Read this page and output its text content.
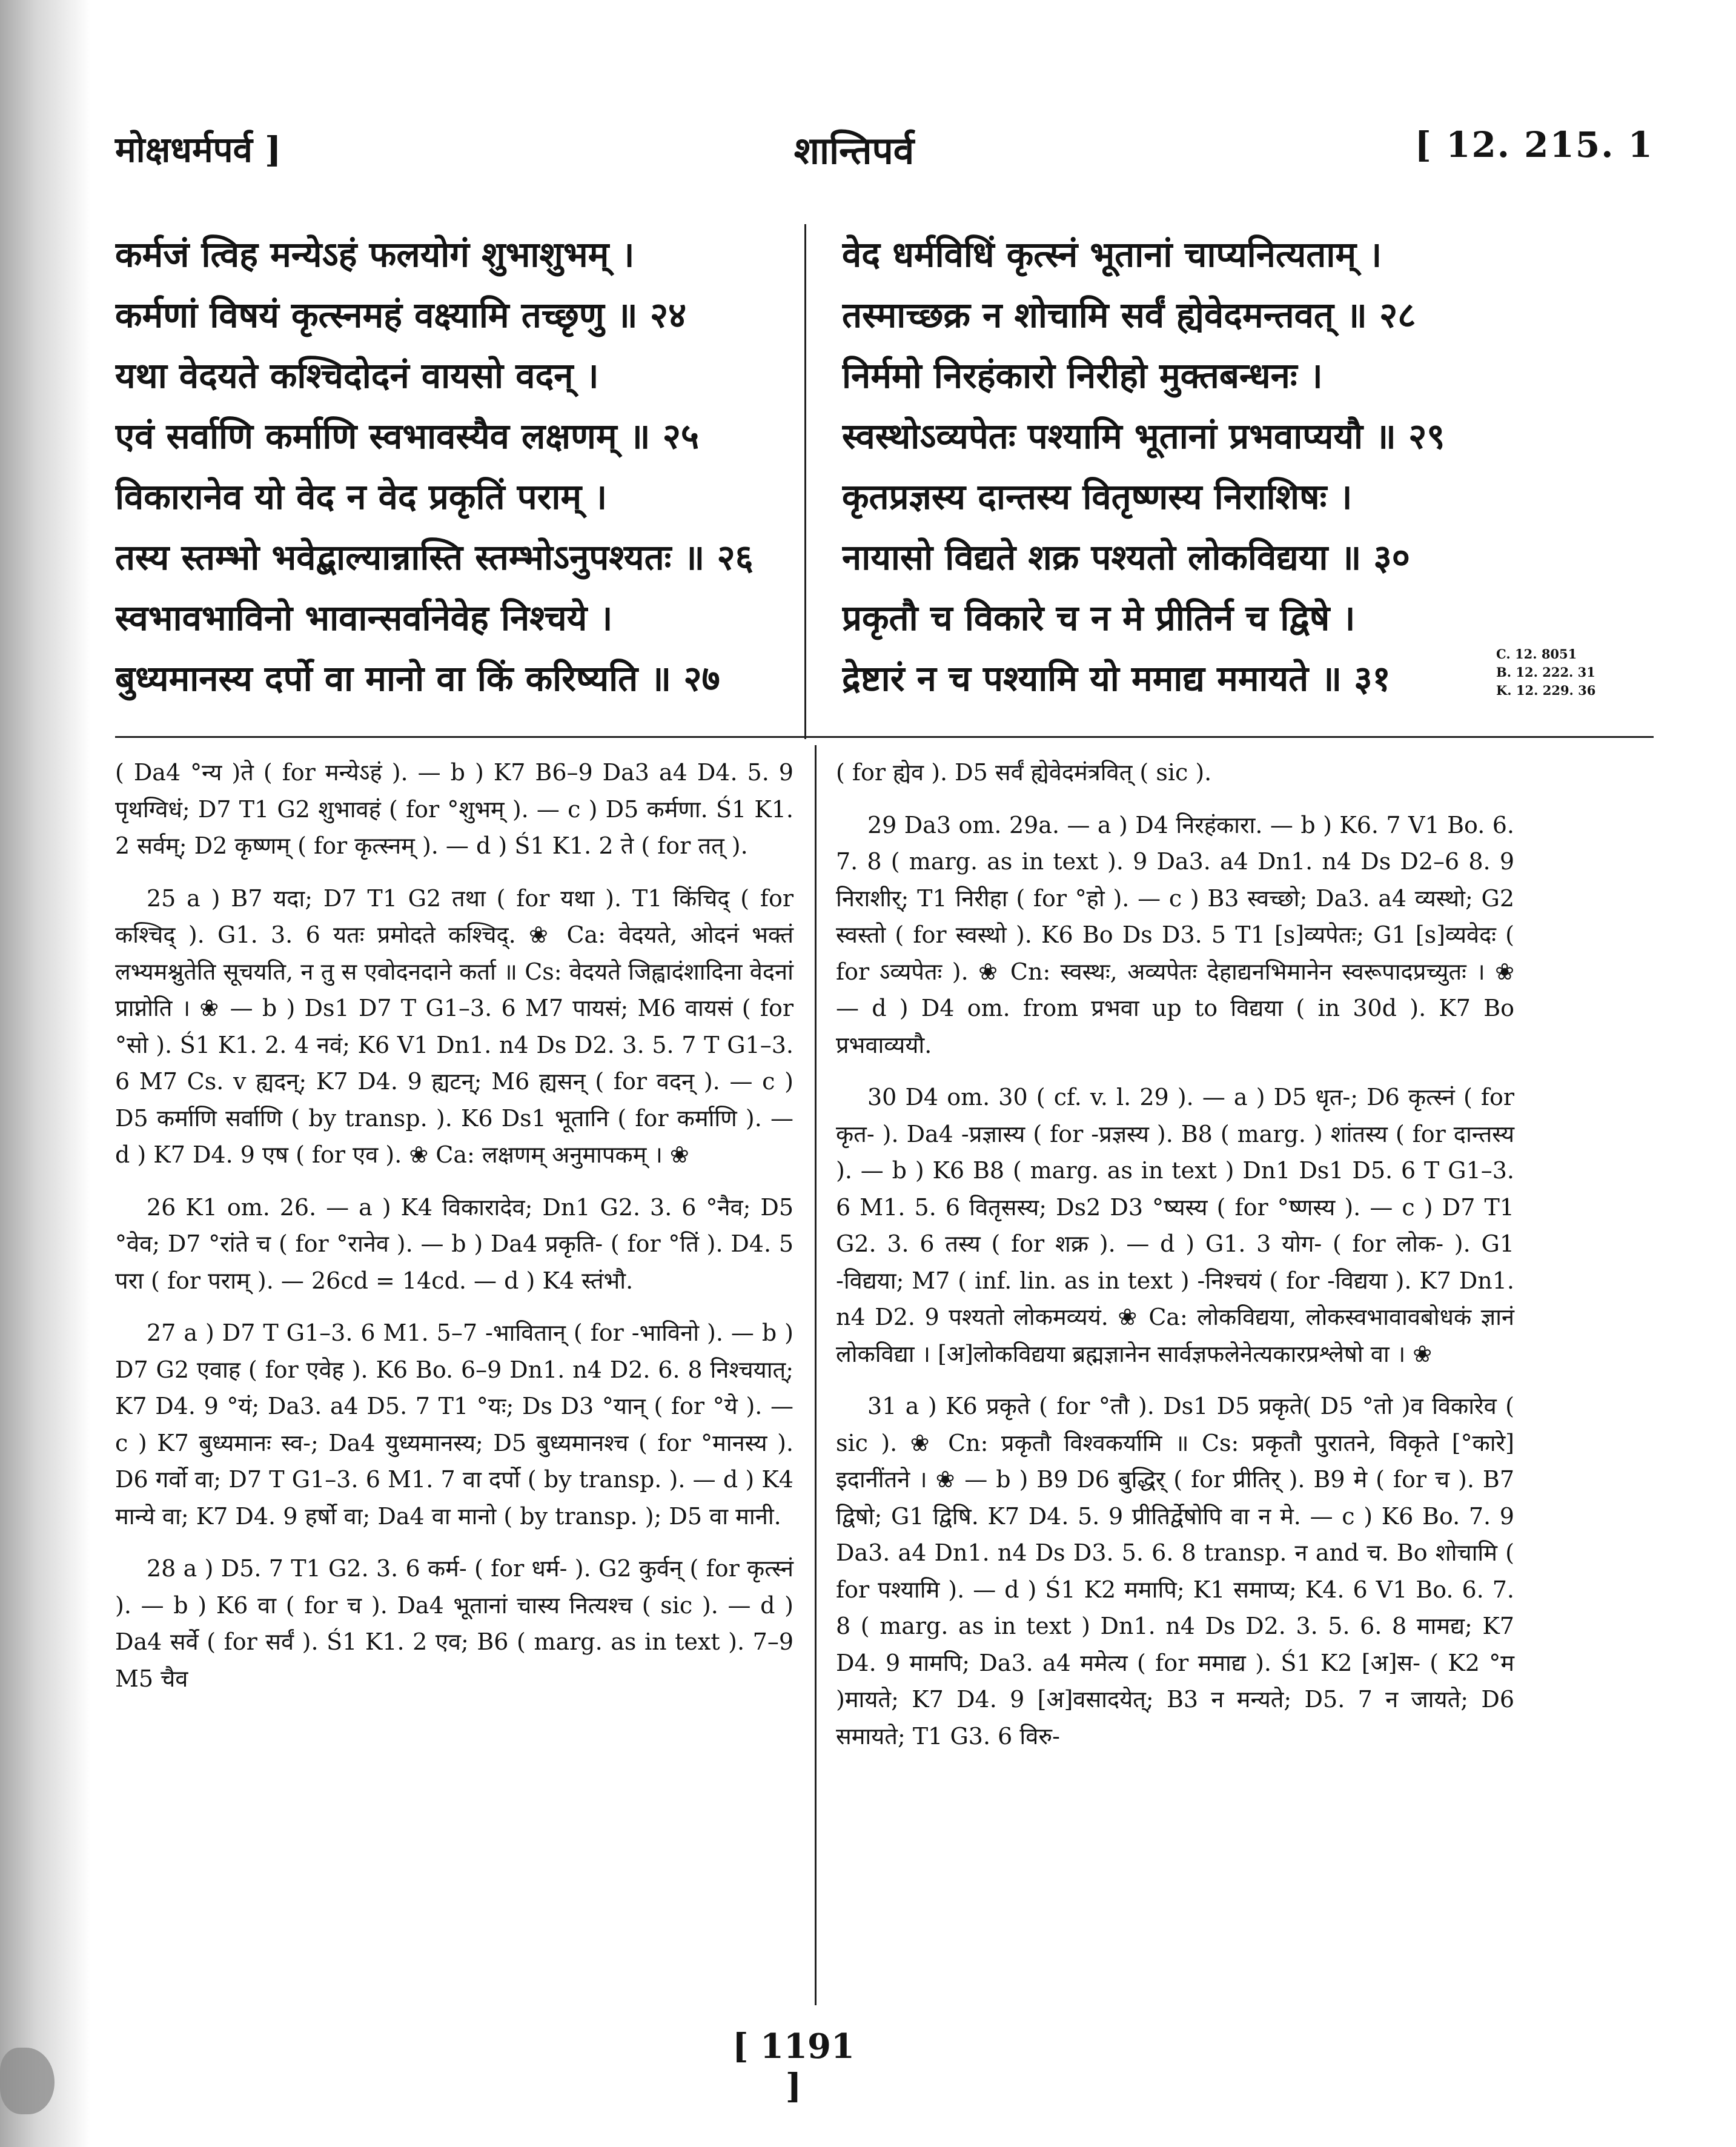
मोक्षधर्मपर्व ]	शान्तिपर्व	[ 12. 215. 1
कर्मजं त्विह मन्येऽहं फलयोगं शुभाशुभम् ।
कर्मणां विषयं कृत्स्नमहं वक्ष्यामि तच्छृणु ॥ २४
यथा वेदयते कश्चिदोदनं वायसो वदन् ।
एवं सर्वाणि कर्माणि स्वभावस्यैव लक्षणम् ॥ २५
विकारानेव यो वेद न वेद प्रकृतिं पराम् ।
तस्य स्तम्भो भवेद्बाल्यान्नास्ति स्तम्भोऽनुपश्यतः ॥ २६
स्वभावभाविनो भावान्सर्वानेवेह निश्चये ।
बुध्यमानस्य दर्पो वा मानो वा किं करिष्यति ॥ २७
वेद धर्मविधिं कृत्स्नं भूतानां चाप्यनित्यताम् ।
तस्माच्छक्र न शोचामि सर्वं ह्येवेदमन्तवत् ॥ २८
निर्ममो निरहंकारो निरीहो मुक्तबन्धनः ।
स्वस्थोऽव्यपेतः पश्यामि भूतानां प्रभवाप्ययौ ॥ २९
कृतप्रज्ञस्य दान्तस्य वितृष्णस्य निराशिषः ।
नायासो विद्यते शक्र पश्यतो लोकविद्यया ॥ ३०
प्रकृतौ च विकारे च न मे प्रीतिर्न च द्विषे ।
द्रेष्टारं न च पश्यामि यो ममाद्य ममायते ॥ ३१
C. 12. 8051
B. 12. 222. 31
K. 12. 229. 36

( Da4 °न्य )ते ( for मन्येऽहं ). — b ) K7 B6–9 Da3 a4 D4. 5. 9 पृथग्विधं; D7 T1 G2 शुभावहं ( for °शुभम् ). — c ) D5 कर्मणा. Ś1 K1. 2 सर्वम्; D2 कृष्णम् ( for कृत्स्नम् ). — d ) Ś1 K1. 2 ते ( for तत् ).

25 a ) B7 यदा; D7 T1 G2 तथा ( for यथा ). T1 किंचिद् ( for कश्चिद् ). G1. 3. 6 यतः प्रमोदते कश्चिद्. ❀ Ca: वेदयते, ओदनं भक्तं लभ्यमश्नुतेति सूचयति, न तु स एवोदनदाने कर्ता ॥ Cs: वेदयते जिह्वादंशादिना वेदनां प्राप्नोति । ❀ — b ) Ds1 D7 T G1–3. 6 M7 पायसं; M6 वायसं ( for °सो ). Ś1 K1. 2. 4 नवं; K6 V1 Dn1. n4 Ds D2. 3. 5. 7 T G1–3. 6 M7 Cs. v ह्यदन्; K7 D4. 9 ह्यटन्; M6 ह्यसन् ( for वदन् ). — c ) D5 कर्माणि सर्वाणि ( by transp. ). K6 Ds1 भूतानि ( for कर्माणि ). — d ) K7 D4. 9 एष ( for एव ). ❀ Ca: लक्षणम् अनुमापकम् । ❀

26 K1 om. 26. — a ) K4 विकारादेव; Dn1 G2. 3. 6 °नैव; D5 °वेव; D7 °रांते च ( for °रानेव ). — b ) Da4 प्रकृति- ( for °तिं ). D4. 5 परा ( for पराम् ). — 26cd = 14cd. — d ) K4 स्तंभौ.

27 a ) D7 T G1–3. 6 M1. 5–7 -भावितान् ( for -भाविनो ). — b ) D7 G2 एवाह ( for एवेह ). K6 Bo. 6–9 Dn1. n4 D2. 6. 8 निश्चयात्; K7 D4. 9 °यं; Da3. a4 D5. 7 T1 °यः; Ds D3 °यान् ( for °ये ). — c ) K7 बुध्यमानः स्व-; Da4 युध्यमानस्य; D5 बुध्यमानश्च ( for °मानस्य ). D6 गर्वो वा; D7 T G1–3. 6 M1. 7 वा दर्पो ( by transp. ). — d ) K4 मान्ये वा; K7 D4. 9 हर्षो वा; Da4 वा मानो ( by transp. ); D5 वा मानी.

28 a ) D5. 7 T1 G2. 3. 6 कर्म- ( for धर्म- ). G2 कुर्वन् ( for कृत्स्नं ). — b ) K6 वा ( for च ). Da4 भूतानां चास्य नित्यश्च ( sic ). — d ) Da4 सर्वे ( for सर्वं ). Ś1 K1. 2 एव; B6 ( marg. as in text ). 7–9 M5 चैव

( for ह्येव ). D5 सर्वं ह्येवेदमंत्रवित् ( sic ).

29 Da3 om. 29a. — a ) D4 निरहंकारा. — b ) K6. 7 V1 Bo. 6. 7. 8 ( marg. as in text ). 9 Da3. a4 Dn1. n4 Ds D2–6 8. 9 निराशीर्; T1 निरीहा ( for °हो ). — c ) B3 स्वच्छो; Da3. a4 व्यस्थो; G2 स्वस्तो ( for स्वस्थो ). K6 Bo Ds D3. 5 T1 [s]व्यपेतः; G1 [s]व्यवेदः ( for ऽव्यपेतः ). ❀ Cn: स्वस्थः, अव्यपेतः देहाद्यनभिमानेन स्वरूपादप्रच्युतः । ❀ — d ) D4 om. from प्रभवा up to विद्यया ( in 30d ). K7 Bo प्रभवाव्ययौ.

30 D4 om. 30 ( cf. v. l. 29 ). — a ) D5 धृत-; D6 कृत्स्नं ( for कृत- ). Da4 -प्रज्ञास्य ( for -प्रज्ञस्य ). B8 ( marg. ) शांतस्य ( for दान्तस्य ). — b ) K6 B8 ( marg. as in text ) Dn1 Ds1 D5. 6 T G1–3. 6 M1. 5. 6 वितृसस्य; Ds2 D3 °ष्यस्य ( for °ष्णस्य ). — c ) D7 T1 G2. 3. 6 तस्य ( for शक्र ). — d ) G1. 3 योग- ( for लोक- ). G1 -विद्यया; M7 ( inf. lin. as in text ) -निश्चयं ( for -विद्यया ). K7 Dn1. n4 D2. 9 पश्यतो लोकमव्ययं. ❀ Ca: लोकविद्यया, लोकस्वभावावबोधकं ज्ञानं लोकविद्या । [अ]लोकविद्यया ब्रह्मज्ञानेन सार्वज्ञफलेनेत्यकारप्रश्लेषो वा । ❀

31 a ) K6 प्रकृते ( for °तौ ). Ds1 D5 प्रकृते( D5 °तो )व विकारेव ( sic ). ❀ Cn: प्रकृतौ विश्वकर्यामि ॥ Cs: प्रकृतौ पुरातने, विकृते [°कारे] इदानींतने । ❀ — b ) B9 D6 बुद्धिर् ( for प्रीतिर् ). B9 मे ( for च ). B7 द्विषो; G1 द्विषि. K7 D4. 5. 9 प्रीतिर्द्वेषोपि वा न मे. — c ) K6 Bo. 7. 9 Da3. a4 Dn1. n4 Ds D3. 5. 6. 8 transp. न and च. Bo शोचामि ( for पश्यामि ). — d ) Ś1 K2 ममापि; K1 समाप्य; K4. 6 V1 Bo. 6. 7. 8 ( marg. as in text ) Dn1. n4 Ds D2. 3. 5. 6. 8 मामद्य; K7 D4. 9 मामपि; Da3. a4 ममेत्य ( for ममाद्य ). Ś1 K2 [अ]स- ( K2 °म )मायते; K7 D4. 9 [अ]वसादयेत्; B3 न मन्यते; D5. 7 न जायते; D6 समायते; T1 G3. 6 विरु-

[ 1191 ]
